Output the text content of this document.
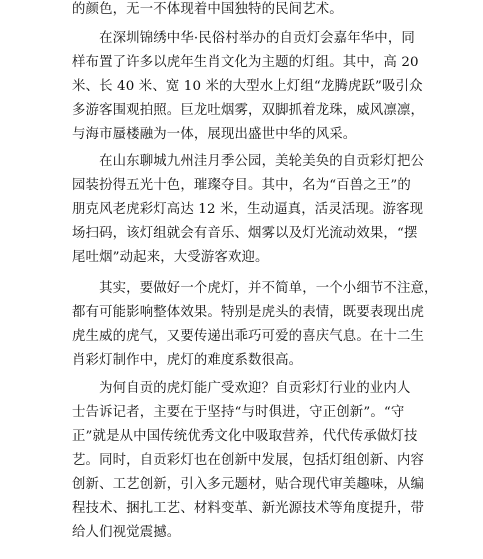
的颜色，无一不体现着中国独特的民间艺术。
　　在深圳锦绣中华·民俗村举办的自贡灯会嘉年华中，同
样布置了许多以虎年生肖文化为主题的灯组。其中，高 20
米、长 40 米、宽 10 米的大型水上灯组“龙腾虎跃”吸引众
多游客围观拍照。巨龙吐烟雾，双脚抓着龙珠，威风凛凛，
与海市蜃楼融为一体，展现出盛世中华的风采。
　　在山东聊城九州洼月季公园，美轮美奂的自贡彩灯把公
园装扮得五光十色，璀璨夺目。其中，名为“百兽之王”的
朋克风老虎彩灯高达 12 米，生动逼真，活灵活现。游客现
场扫码，该灯组就会有音乐、烟雾以及灯光流动效果，“摆
尾吐烟”动起来，大受游客欢迎。
　　其实，要做好一个虎灯，并不简单，一个小细节不注意，
都有可能影响整体效果。特别是虎头的表情，既要表现出虎
虎生威的虎气，又要传递出乖巧可爱的喜庆气息。在十二生
肖彩灯制作中，虎灯的难度系数很高。
　　为何自贡的虎灯能广受欢迎？自贡彩灯行业的业内人
士告诉记者，主要在于坚持“与时俱进，守正创新”。“守
正”就是从中国传统优秀文化中吸取营养，代代传承做灯技
艺。同时，自贡彩灯也在创新中发展，包括灯组创新、内容
创新、工艺创新，引入多元题材，贴合现代审美趣味，从编
程技术、捆扎工艺、材料变革、新光源技术等角度提升，带
给人们视觉震撼。
